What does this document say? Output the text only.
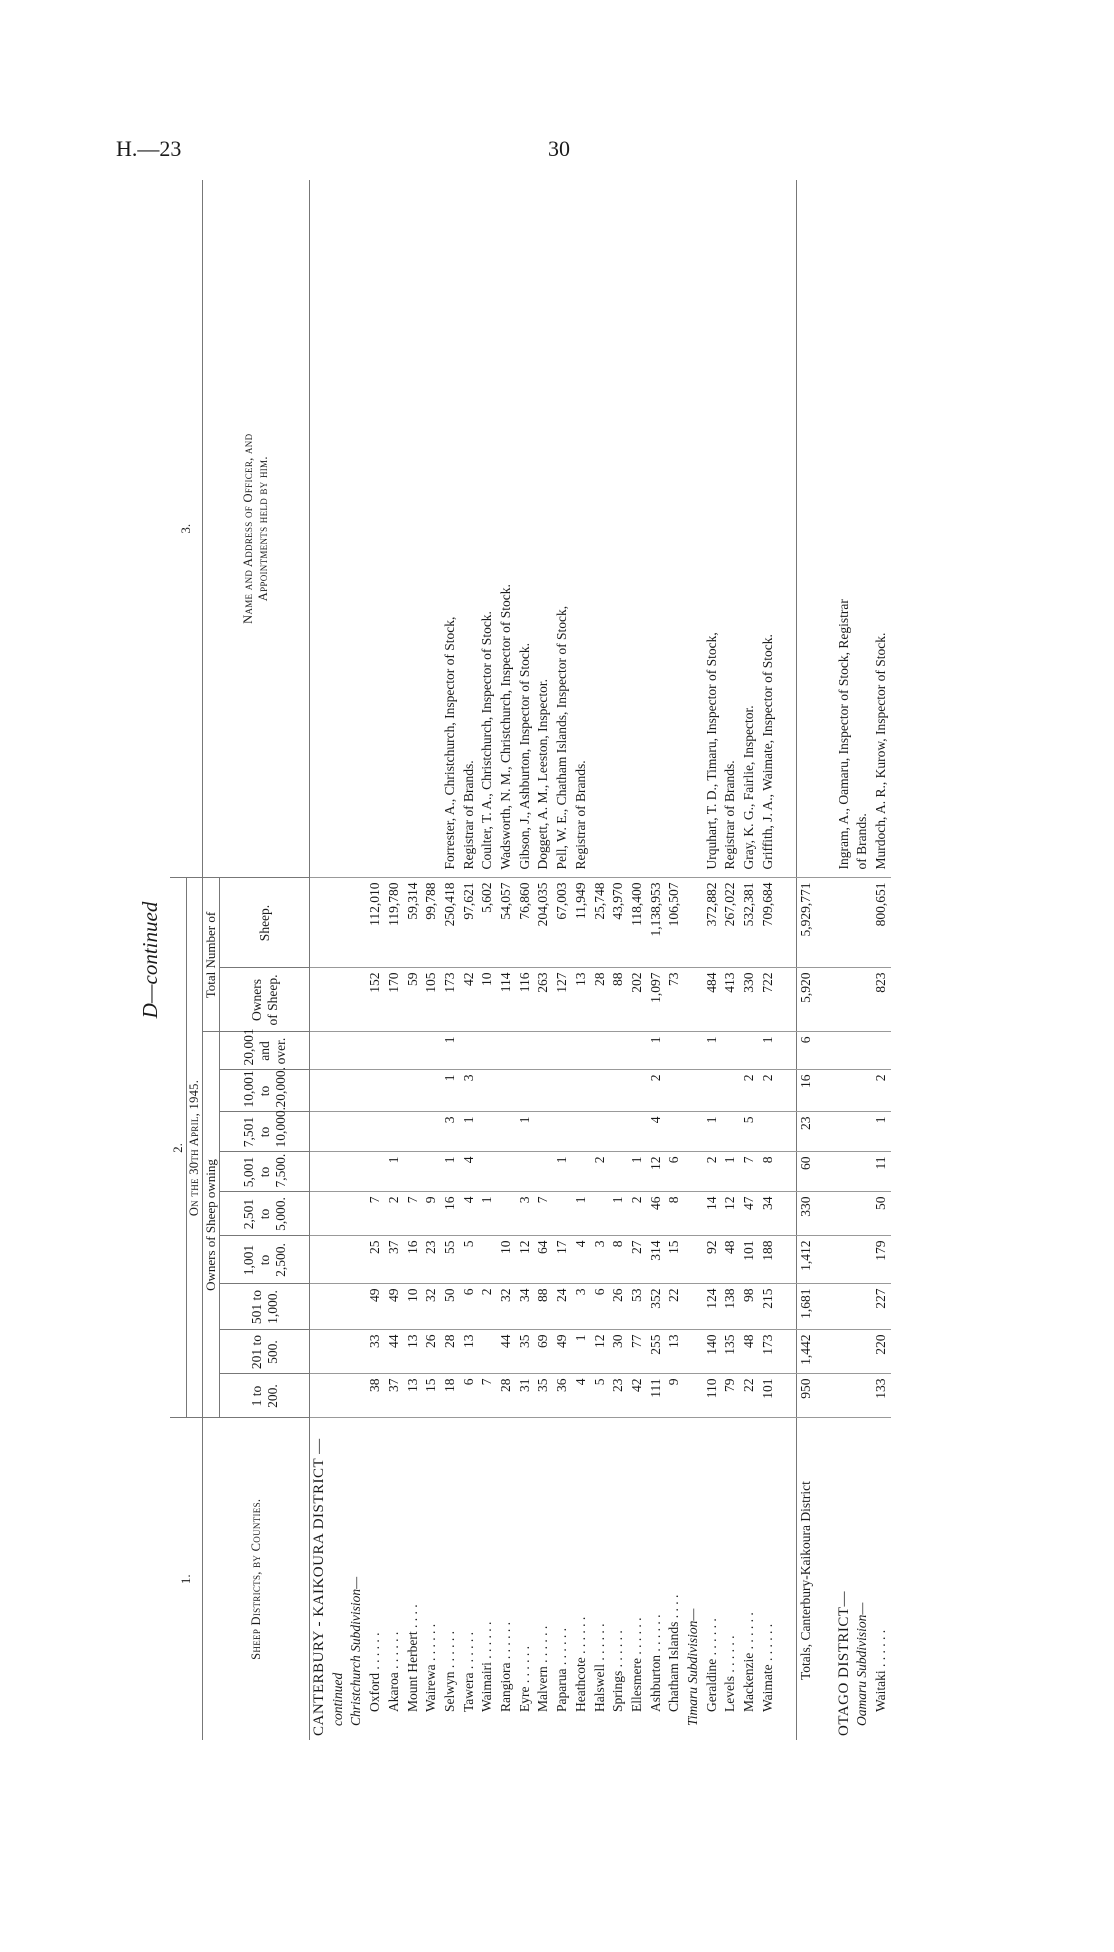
H.—23	30

D—continued

1.	2.											3.
	On the 30th April, 1945.											
Sheep Districts, by Counties.	Owners of Sheep owning									Total Number of		Name and Address of Officer, and Appointments held by him.

	1 to 200.	201 to 500.	501 to 1,000.	1,001 to 2,500.	2,501 to 5,000.	5,001 to 7,500.	7,501 to 10,000.	10,001 to 20,000.	20,001 and over.	Owners of Sheep.	Sheep.	
CANTERBURY - KAIKOURA DISTRICT —												
continued												
Christchurch Subdivision—												
Oxford . . . . . .	38	33	49	25	7					152	112,010	
Akaroa . . . . . .	37	44	49	37	2	1				170	119,780	
Mount Herbert . . . .	13	13	10	16	7					59	59,314	
Wairewa . . . . . .	15	26	32	23	9					105	99,788	
Selwyn . . . . . .	18	28	50	55	16	1	3	1	1	173	250,418	Forrester, A., Christchurch, Inspector of Stock,
Tawera . . . . . .	6	13	6	5	4	4	1	3		42	97,621	Registrar of Brands.
Waimairi . . . . . .	7		2		1					10	5,602	Coulter, T. A., Christchurch, Inspector of Stock.
Rangiora . . . . . .	28	44	32	10						114	54,057	Wadsworth, N. M., Christchurch, Inspector of Stock.
Eyre . . . . . .	31	35	34	12	3		1			116	76,860	Gibson, J., Ashburton, Inspector of Stock.
Malvern . . . . . .	35	69	88	64	7					263	204,035	Doggett, A. M., Leeston, Inspector.
Paparua . . . . . .	36	49	24	17		1				127	67,003	Pell, W. E., Chatham Islands, Inspector of Stock,
Heathcote . . . . . .	4	1	3	4	1					13	11,949	Registrar of Brands.
Halswell . . . . . .	5	12	6	3		2				28	25,748	
Springs . . . . . .	23	30	26	8	1					88	43,970	
Ellesmere . . . . . .	42	77	53	27	2	1				202	118,400	
Ashburton . . . . . .	111	255	352	314	46	12	4	2	1	1,097	1,138,953	
Chatham Islands . . . .	9	13	22	15	8	6				73	106,507	
Timaru Subdivision—												
Geraldine . . . . . .	110	140	124	92	14	2	1		1	484	372,882	Urquhart, T. D., Timaru, Inspector of Stock,
Levels . . . . . .	79	135	138	48	12	1				413	267,022	Registrar of Brands.
Mackenzie . . . . . .	22	48	98	101	47	7	5	2		330	532,381	Gray, K. G., Fairlie, Inspector.
Waimate . . . . . .	101	173	215	188	34	8		2	1	722	709,684	Griffith, J. A., Waimate, Inspector of Stock.

Totals, Canterbury-Kaikoura District	950	1,442	1,681	1,412	330	60	23	16	6	5,920	5,929,771	

OTAGO DISTRICT—												Ingram, A., Oamaru, Inspector of Stock, Registrar
Oamaru Subdivision—												of Brands.
Waitaki . . . . . .	133	220	227	179	50	11	1	2		823	800,651	Murdoch, A. R., Kurow, Inspector of Stock.
